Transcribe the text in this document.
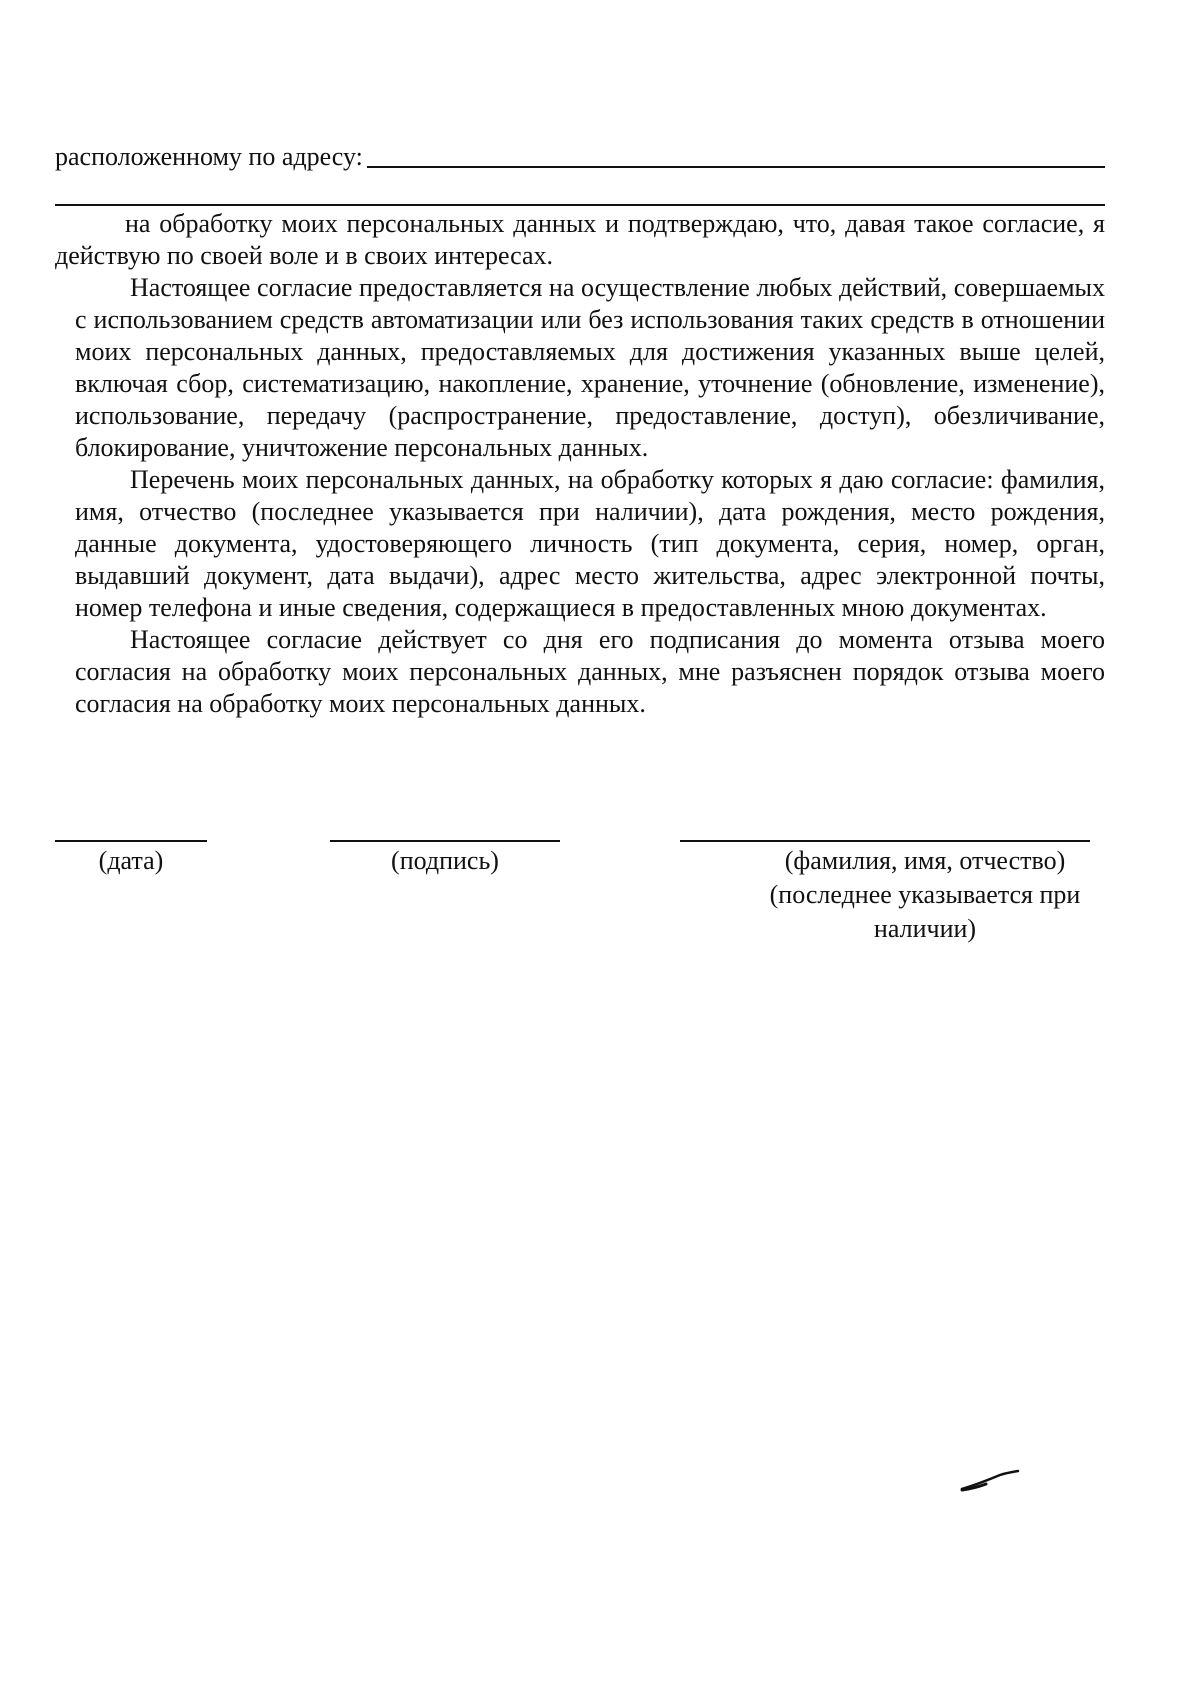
расположенному по адресу:

на обработку моих персональных данных и подтверждаю, что, давая такое согласие, я действую по своей воле и в своих интересах.

Настоящее согласие предоставляется на осуществление любых действий, совершаемых с использованием средств автоматизации или без использования таких средств в отношении моих персональных данных, предоставляемых для достижения указанных выше целей, включая сбор, систематизацию, накопление, хранение, уточнение (обновление, изменение), использование, передачу (распространение, предоставление, доступ), обезличивание, блокирование, уничтожение персональных данных.

Перечень моих персональных данных, на обработку которых я даю согласие: фамилия, имя, отчество (последнее указывается при наличии), дата рождения, место рождения, данные документа, удостоверяющего личность (тип документа, серия, номер, орган, выдавший документ, дата выдачи), адрес место жительства, адрес электронной почты, номер телефона и иные сведения, содержащиеся в предоставленных мною документах.

Настоящее согласие действует со дня его подписания до момента отзыва моего согласия на обработку моих персональных данных, мне разъяснен порядок отзыва моего согласия на обработку моих персональных данных.

(дата)	(подпись)	(фамилия, имя, отчество)
(последнее указывается при
наличии)
